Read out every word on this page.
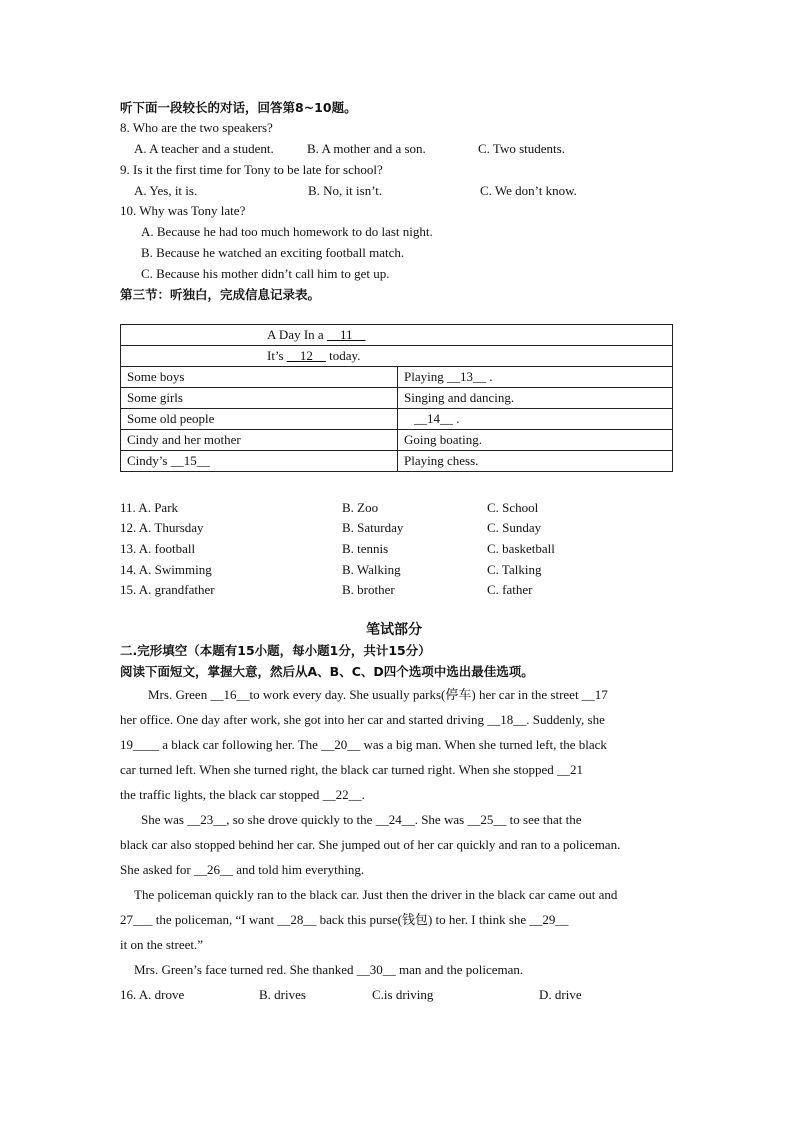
听下面一段较长的对话，回答第8~10题。
8. Who are the two speakers?
A. A teacher and a student.	B. A mother and a son.	C. Two students.
9. Is it the first time for Tony to be late for school?
A. Yes, it is.	B. No, it isn’t.	C. We don’t know.
10. Why was Tony late?
A. Because he had too much homework to do last night.
B. Because he watched an exciting football match.
C. Because his mother didn’t call him to get up.
第三节：听独白，完成信息记录表。
A Day In a __11__	
It’s __12__ today.	
Some boys	Playing __13__ .
Some girls	Singing and dancing.
Some old people	__14__ .
Cindy and her mother	Going boating.
Cindy’s __15__	Playing chess.
11. A. Park	B. Zoo	C. School
12. A. Thursday	B. Saturday	C. Sunday
13. A. football	B. tennis	C. basketball
14. A. Swimming	B. Walking	C. Talking
15. A. grandfather	B. brother	C. father
笔试部分
二.完形填空（本题有15小题，每小题1分，共计15分）
阅读下面短文，掌握大意，然后从A、B、C、D四个选项中选出最佳选项。
Mrs. Green __16__to work every day. She usually parks(停车) her car in the street __17
her office. One day after work, she got into her car and started driving __18__. Suddenly, she
19____ a black car following her. The __20__ was a big man. When she turned left, the black
car turned left. When she turned right, the black car turned right. When she stopped __21
the traffic lights, the black car stopped __22__.
She was __23__, so she drove quickly to the __24__. She was __25__ to see that the
black car also stopped behind her car. She jumped out of her car quickly and ran to a policeman.
She asked for __26__ and told him everything.
The policeman quickly ran to the black car. Just then the driver in the black car came out and
27___ the policeman, “I want __28__ back this purse(钱包) to her. I think she __29__
it on the street.”
Mrs. Green’s face turned red. She thanked __30__ man and the policeman.
16. A. drove	B. drives	C.is driving	D. drive
